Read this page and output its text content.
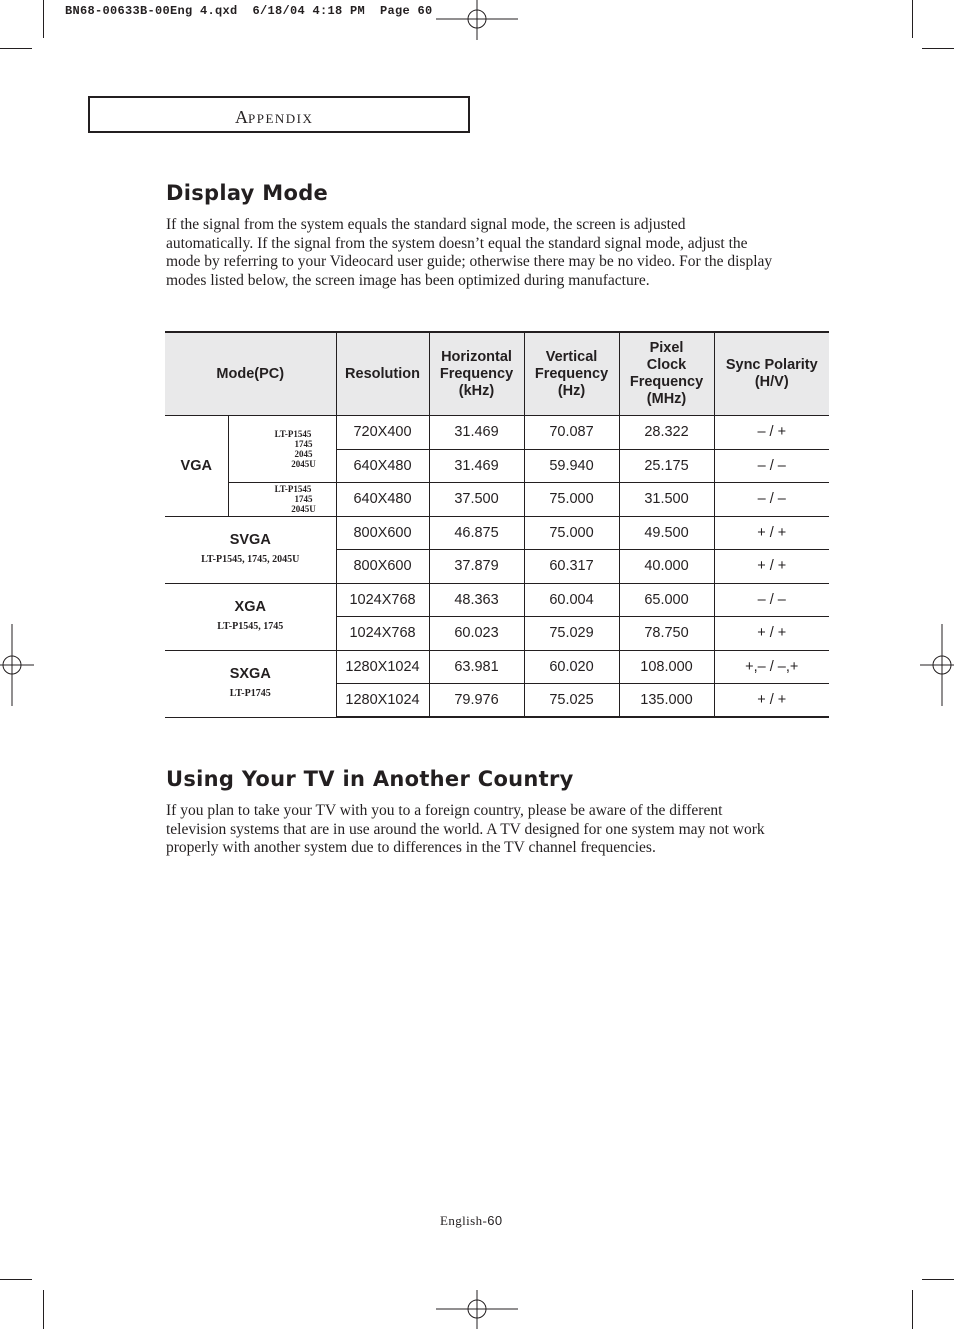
BN68-00633B-00Eng 4.qxd  6/18/04 4:18 PM  Page 60
APPENDIX
Display Mode

If the signal from the system equals the standard signal mode, the screen is adjusted automatically. If the signal from the system doesn’t equal the standard signal mode, adjust the mode by referring to your Videocard user guide; otherwise there may be no video. For the display modes listed below, the screen image has been optimized during manufacture.

Mode(PC)		Resolution	Horizontal
Frequency
(kHz)	Vertical
Frequency
(Hz)	Pixel
Clock
Frequency
(MHz)	Sync Polarity
(H/V)
VGA	LT-P1545
1745
2045
2045U	720X400	31.469	70.087	28.322	– / +
		640X480	31.469	59.940	25.175	– / –
	LT-P1545
1745
2045U	640X480	37.500	75.000	31.500	– / –

SVGA
LT-P1545, 1745, 2045U		800X600	46.875	75.000	49.500	+ / +
		800X600	37.879	60.317	40.000	+ / +

XGA
LT-P1545, 1745		1024X768	48.363	60.004	65.000	– / –
		1024X768	60.023	75.029	78.750	+ / +

SXGA
LT-P1745		1280X1024	63.981	60.020	108.000	+,– / –,+
		1280X1024	79.976	75.025	135.000	+ / +
Using Your TV in Another Country

If you plan to take your TV with you to a foreign country, please be aware of the different television systems that are in use around the world. A TV designed for one system may not work properly with another system due to differences in the TV channel frequencies.

English-60
